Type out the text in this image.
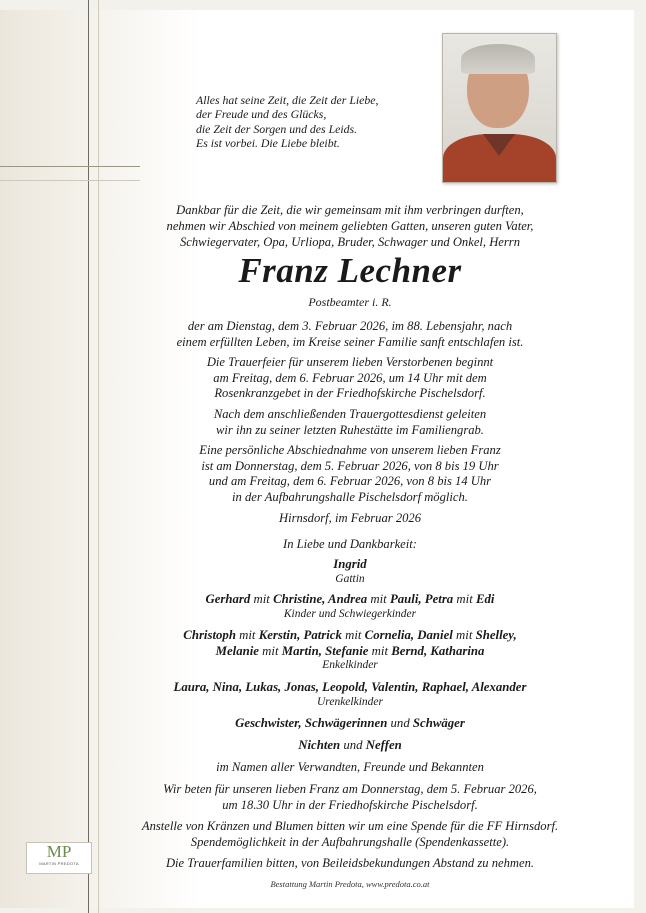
Alles hat seine Zeit, die Zeit der Liebe,
der Freude und des Glücks,
die Zeit der Sorgen und des Leids.
Es ist vorbei. Die Liebe bleibt.
Dankbar für die Zeit, die wir gemeinsam mit ihm verbringen durften,
nehmen wir Abschied von meinem geliebten Gatten, unseren guten Vater,
Schwiegervater, Opa, Urliopa, Bruder, Schwager und Onkel, Herrn
Franz Lechner
Postbeamter i. R.
der am Dienstag, dem 3. Februar 2026, im 88. Lebensjahr, nach
einem erfüllten Leben, im Kreise seiner Familie sanft entschlafen ist.
Die Trauerfeier für unserem lieben Verstorbenen beginnt
am Freitag, dem 6. Februar 2026, um 14 Uhr mit dem
Rosenkranzgebet in der Friedhofskirche Pischelsdorf.
Nach dem anschließenden Trauergottesdienst geleiten
wir ihn zu seiner letzten Ruhestätte im Familiengrab.
Eine persönliche Abschiednahme von unserem lieben Franz
ist am Donnerstag, dem 5. Februar 2026, von 8 bis 19 Uhr
und am Freitag, dem 6. Februar 2026, von 8 bis 14 Uhr
in der Aufbahrungshalle Pischelsdorf möglich.
Hirnsdorf, im Februar 2026
In Liebe und Dankbarkeit:
Ingrid
Gattin
Gerhard mit Christine, Andrea mit Pauli, Petra mit Edi
Kinder und Schwiegerkinder
Christoph mit Kerstin, Patrick mit Cornelia, Daniel mit Shelley,
Melanie mit Martin, Stefanie mit Bernd, Katharina
Enkelkinder
Laura, Nina, Lukas, Jonas, Leopold, Valentin, Raphael, Alexander
Urenkelkinder
Geschwister, Schwägerinnen und Schwäger
Nichten und Neffen
im Namen aller Verwandten, Freunde und Bekannten
Wir beten für unseren lieben Franz am Donnerstag, dem 5. Februar 2026,
um 18.30 Uhr in der Friedhofskirche Pischelsdorf.
Anstelle von Kränzen und Blumen bitten wir um eine Spende für die FF Hirnsdorf.
Spendemöglichkeit in der Aufbahrungshalle (Spendenkassette).
Die Trauerfamilien bitten, von Beileidsbekundungen Abstand zu nehmen.
MP
MARTIN PREDOTA
Bestattung Martin Predota, www.predota.co.at
